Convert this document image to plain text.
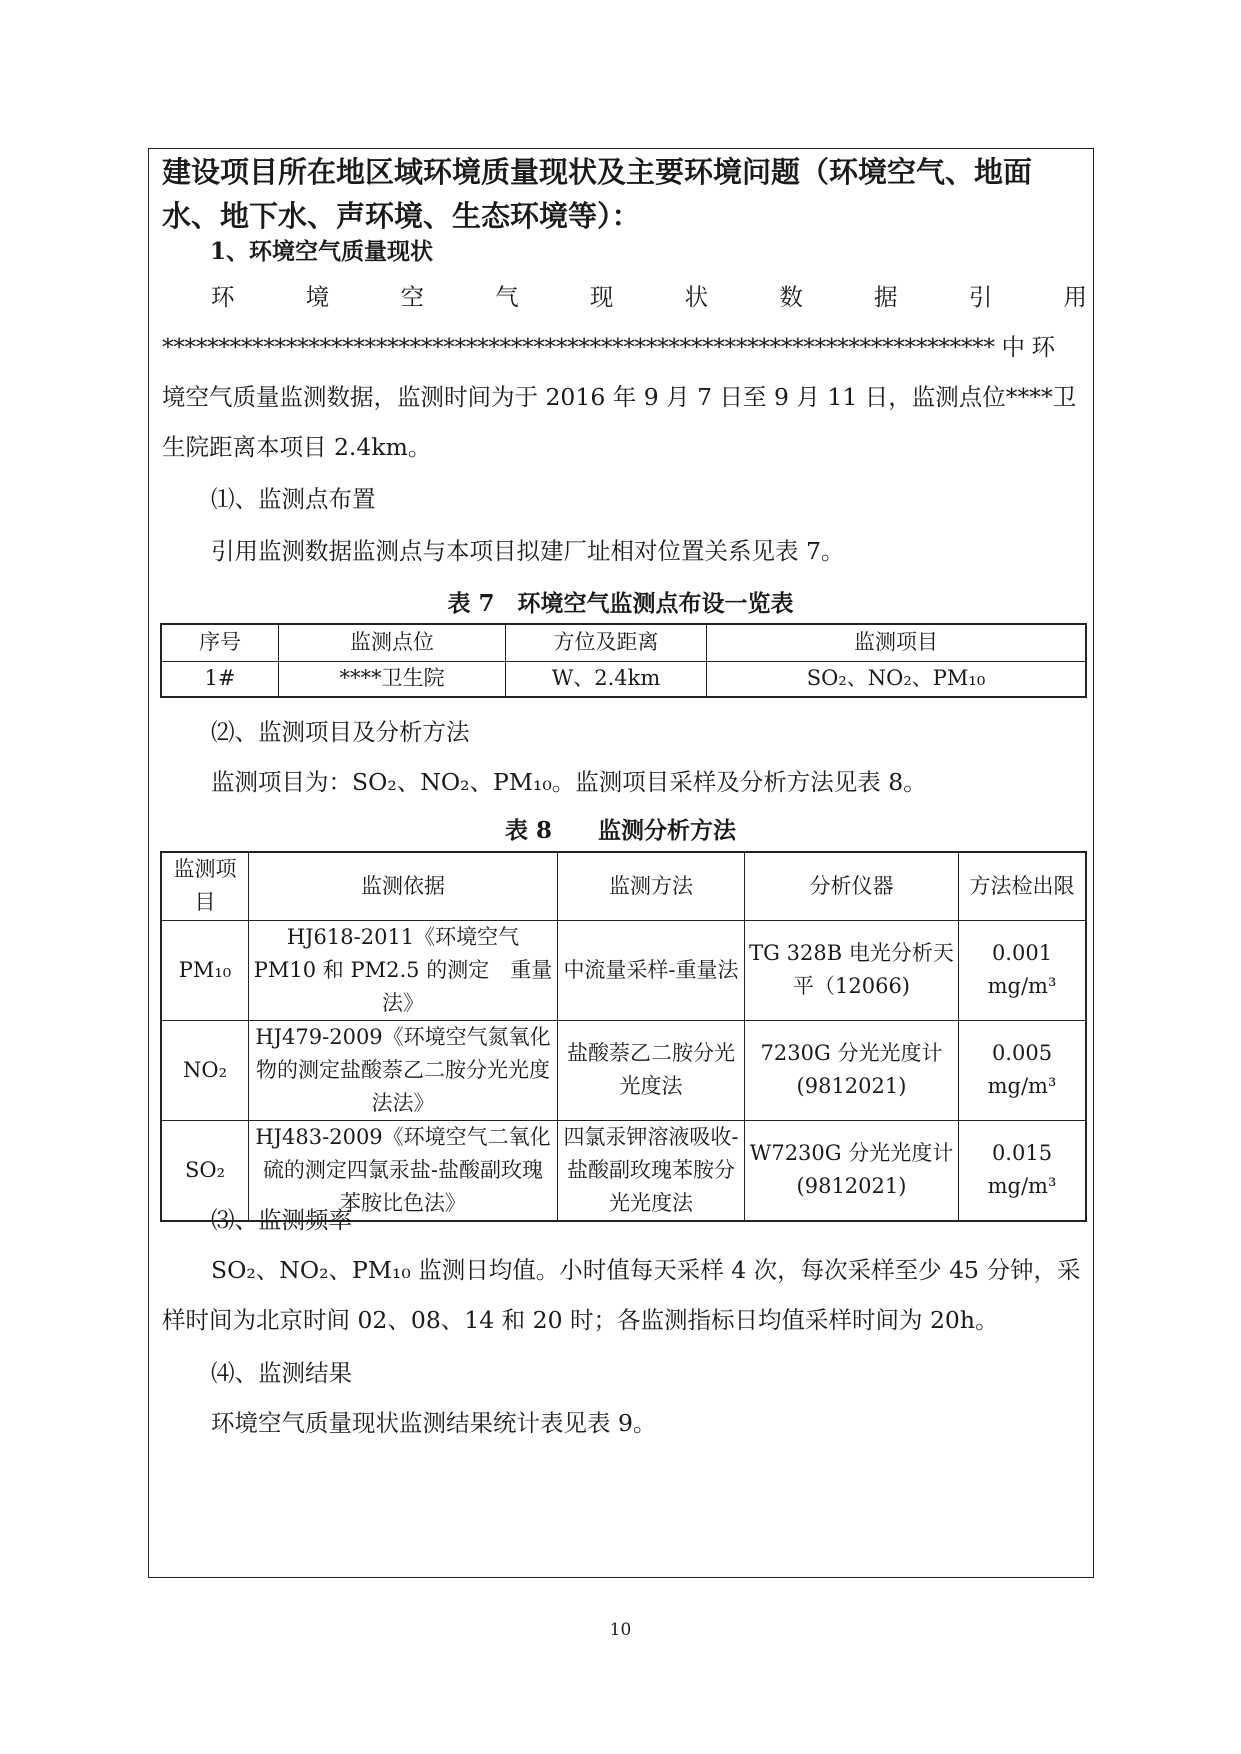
建设项目所在地区域环境质量现状及主要环境问题（环境空气、地面水、地下水、声环境、生态环境等）：
1、环境空气质量现状
环	境	空	气	现	状	数	据	引	用
************************************************************************** 中 环
境空气质量监测数据，监测时间为于 2016 年 9 月 7 日至 9 月 11 日，监测点位****卫
生院距离本项目 2.4km。
⑴、监测点布置
引用监测数据监测点与本项目拟建厂址相对位置关系见表 7。
表 7　环境空气监测点布设一览表
序号	监测点位	方位及距离	监测项目
1#	****卫生院	W、2.4km	SO₂、NO₂、PM₁₀
⑵、监测项目及分析方法
监测项目为：SO₂、NO₂、PM₁₀。监测项目采样及分析方法见表 8。
表 8　　监测分析方法
监测项目	监测依据	监测方法	分析仪器	方法检出限
PM₁₀	HJ618-2011《环境空气 PM10 和 PM2.5 的测定　重量法》	中流量采样-重量法	TG 328B 电光分析天平（12066)	0.001
mg/m³

NO₂	HJ479-2009《环境空气氮氧化物的测定盐酸萘乙二胺分光光度法法》	盐酸萘乙二胺分光光度法	7230G 分光光度计 (9812021)	0.005
mg/m³

SO₂	HJ483-2009《环境空气二氧化硫的测定四氯汞盐-盐酸副玫瑰苯胺比色法》	四氯汞钾溶液吸收-盐酸副玫瑰苯胺分光光度法	W7230G 分光光度计 (9812021)	0.015
mg/m³
⑶、监测频率
SO₂、NO₂、PM₁₀ 监测日均值。小时值每天采样 4 次，每次采样至少 45 分钟，采
样时间为北京时间 02、08、14 和 20 时；各监测指标日均值采样时间为 20h。
⑷、监测结果
环境空气质量现状监测结果统计表见表 9。
10
